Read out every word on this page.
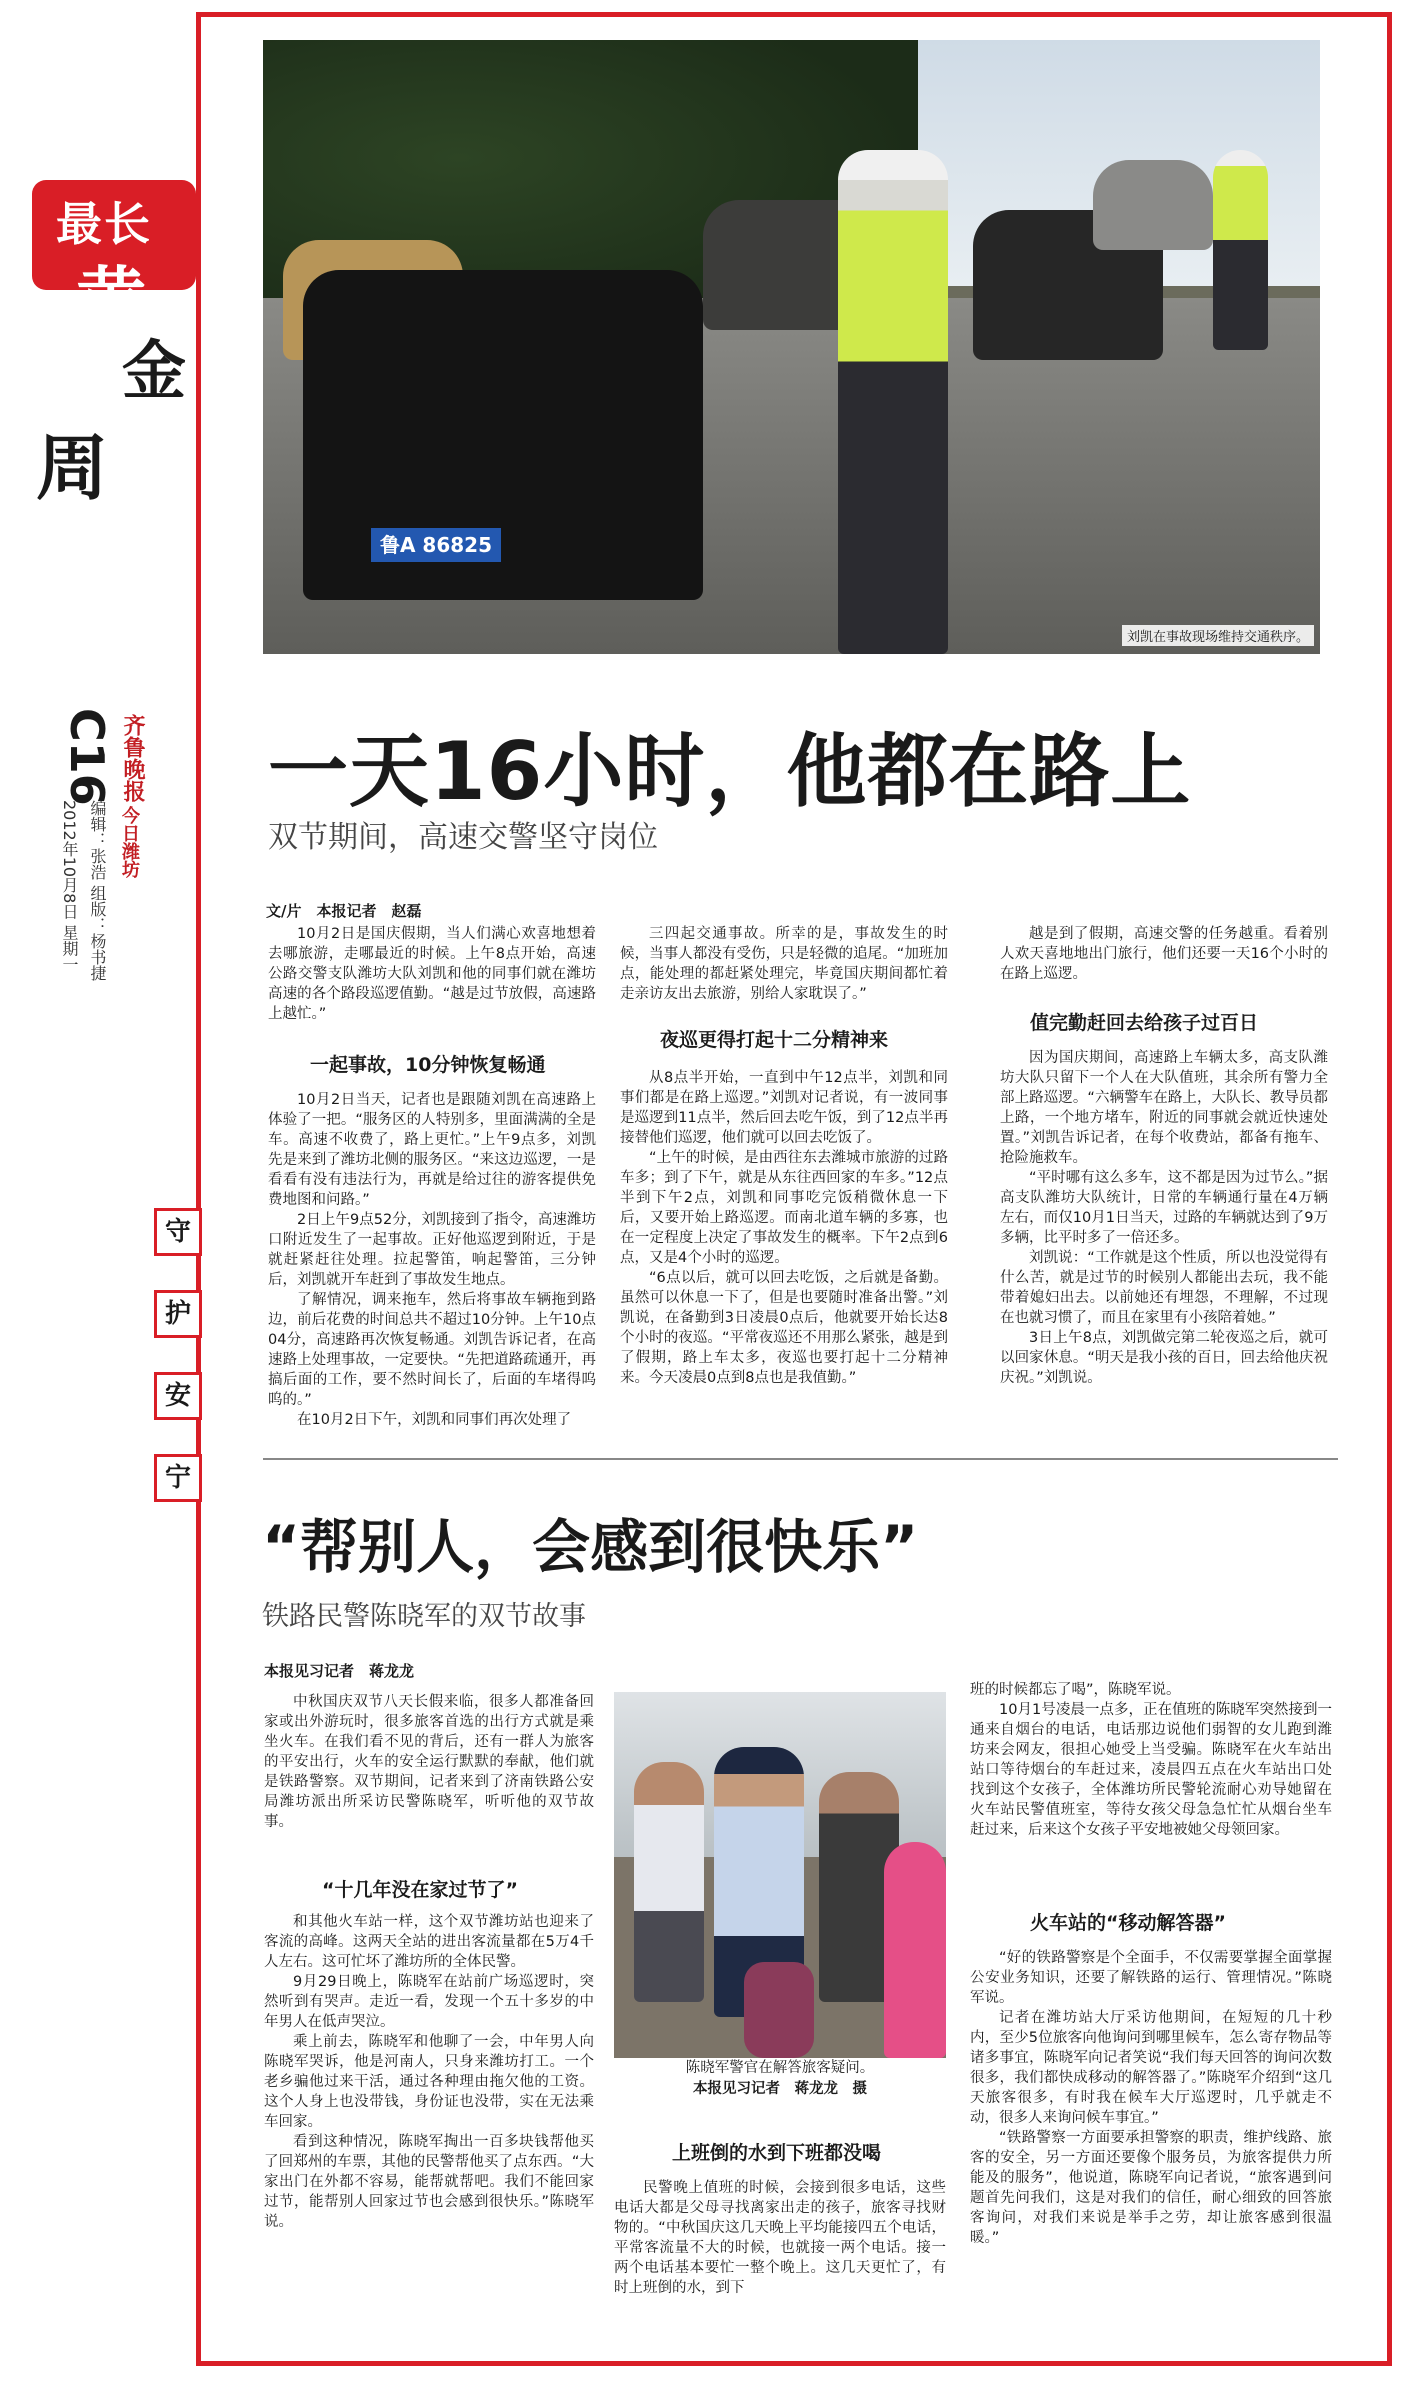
最长
黄
金
周
C16 齐鲁晚报
今日潍坊
编辑：张浩 组版：杨书捷
2012年10月8日 星期一
鲁A 86825
刘凯在事故现场维持交通秩序。
一天16小时，他都在路上
双节期间，高速交警坚守岗位
文/片　本报记者　赵磊

10月2日是国庆假期，当人们满心欢喜地想着去哪旅游，走哪最近的时候。上午8点开始，高速公路交警支队潍坊大队刘凯和他的同事们就在潍坊高速的各个路段巡逻值勤。“越是过节放假，高速路上越忙。”

一起事故，10分钟恢复畅通

10月2日当天，记者也是跟随刘凯在高速路上体验了一把。“服务区的人特别多，里面满满的全是车。高速不收费了，路上更忙。”上午9点多，刘凯先是来到了潍坊北侧的服务区。“来这边巡逻，一是看看有没有违法行为，再就是给过往的游客提供免费地图和问路。”

2日上午9点52分，刘凯接到了指令，高速潍坊口附近发生了一起事故。正好他巡逻到附近，于是就赶紧赶往处理。拉起警笛，响起警笛，三分钟后，刘凯就开车赶到了事故发生地点。

了解情况，调来拖车，然后将事故车辆拖到路边，前后花费的时间总共不超过10分钟。上午10点04分，高速路再次恢复畅通。刘凯告诉记者，在高速路上处理事故，一定要快。“先把道路疏通开，再搞后面的工作，要不然时间长了，后面的车堵得呜呜的。”

在10月2日下午，刘凯和同事们再次处理了

三四起交通事故。所幸的是，事故发生的时候，当事人都没有受伤，只是轻微的追尾。“加班加点，能处理的都赶紧处理完，毕竟国庆期间都忙着走亲访友出去旅游，别给人家耽误了。”

夜巡更得打起十二分精神来

从8点半开始，一直到中午12点半，刘凯和同事们都是在路上巡逻。”刘凯对记者说，有一波同事是巡逻到11点半，然后回去吃午饭，到了12点半再接替他们巡逻，他们就可以回去吃饭了。

“上午的时候，是由西往东去潍城市旅游的过路车多；到了下午，就是从东往西回家的车多。”12点半到下午2点，刘凯和同事吃完饭稍微休息一下后，又要开始上路巡逻。而南北道车辆的多寡，也在一定程度上决定了事故发生的概率。下午2点到6点，又是4个小时的巡逻。

“6点以后，就可以回去吃饭，之后就是备勤。虽然可以休息一下了，但是也要随时准备出警。”刘凯说，在备勤到3日凌晨0点后，他就要开始长达8个小时的夜巡。“平常夜巡还不用那么紧张，越是到了假期，路上车太多，夜巡也要打起十二分精神来。今天凌晨0点到8点也是我值勤。”

越是到了假期，高速交警的任务越重。看着别人欢天喜地地出门旅行，他们还要一天16个小时的在路上巡逻。

值完勤赶回去给孩子过百日

因为国庆期间，高速路上车辆太多，高支队潍坊大队只留下一个人在大队值班，其余所有警力全部上路巡逻。“六辆警车在路上，大队长、教导员都上路，一个地方堵车，附近的同事就会就近快速处置。”刘凯告诉记者，在每个收费站，都备有拖车、抢险施救车。

“平时哪有这么多车，这不都是因为过节么。”据高支队潍坊大队统计，日常的车辆通行量在4万辆左右，而仅10月1日当天，过路的车辆就达到了9万多辆，比平时多了一倍还多。

刘凯说：“工作就是这个性质，所以也没觉得有什么苦，就是过节的时候别人都能出去玩，我不能带着媳妇出去。以前她还有埋怨，不理解，不过现在也就习惯了，而且在家里有小孩陪着她。”

3日上午8点，刘凯做完第二轮夜巡之后，就可以回家休息。“明天是我小孩的百日，回去给他庆祝庆祝。”刘凯说。

守
护
安
宁
“帮别人，会感到很快乐”
铁路民警陈晓军的双节故事
本报见习记者　蒋龙龙

中秋国庆双节八天长假来临，很多人都准备回家或出外游玩时，很多旅客首选的出行方式就是乘坐火车。在我们看不见的背后，还有一群人为旅客的平安出行，火车的安全运行默默的奉献，他们就是铁路警察。双节期间，记者来到了济南铁路公安局潍坊派出所采访民警陈晓军，听听他的双节故事。

“十几年没在家过节了”

和其他火车站一样，这个双节潍坊站也迎来了客流的高峰。这两天全站的进出客流量都在5万4千人左右。这可忙坏了潍坊所的全体民警。

9月29日晚上，陈晓军在站前广场巡逻时，突然听到有哭声。走近一看，发现一个五十多岁的中年男人在低声哭泣。

乘上前去，陈晓军和他聊了一会，中年男人向陈晓军哭诉，他是河南人，只身来潍坊打工。一个老乡骗他过来干活，通过各种理由拖欠他的工资。这个人身上也没带钱，身份证也没带，实在无法乘车回家。

看到这种情况，陈晓军掏出一百多块钱帮他买了回郑州的车票，其他的民警帮他买了点东西。“大家出门在外都不容易，能帮就帮吧。我们不能回家过节，能帮别人回家过节也会感到很快乐。”陈晓军说。

陈晓军警官在解答旅客疑问。
本报见习记者　蒋龙龙　摄
上班倒的水到下班都没喝

民警晚上值班的时候，会接到很多电话，这些电话大都是父母寻找离家出走的孩子，旅客寻找财物的。“中秋国庆这几天晚上平均能接四五个电话，平常客流量不大的时候，也就接一两个电话。接一两个电话基本要忙一整个晚上。这几天更忙了，有时上班倒的水，到下

班的时候都忘了喝”，陈晓军说。

10月1号凌晨一点多，正在值班的陈晓军突然接到一通来自烟台的电话，电话那边说他们弱智的女儿跑到潍坊来会网友，很担心她受上当受骗。陈晓军在火车站出站口等待烟台的车赶过来，凌晨四五点在火车站出口处找到这个女孩子，全体潍坊所民警轮流耐心劝导她留在火车站民警值班室，等待女孩父母急急忙忙从烟台坐车赶过来，后来这个女孩子平安地被她父母领回家。

火车站的“移动解答器”

“好的铁路警察是个全面手，不仅需要掌握全面掌握公安业务知识，还要了解铁路的运行、管理情况。”陈晓军说。

记者在潍坊站大厅采访他期间，在短短的几十秒内，至少5位旅客向他询问到哪里候车，怎么寄存物品等诸多事宜，陈晓军向记者笑说“我们每天回答的询问次数很多，我们都快成移动的解答器了。”陈晓军介绍到“这几天旅客很多，有时我在候车大厅巡逻时，几乎就走不动，很多人来询问候车事宜。”

“铁路警察一方面要承担警察的职责，维护线路、旅客的安全，另一方面还要像个服务员，为旅客提供力所能及的服务”，他说道，陈晓军向记者说，“旅客遇到问题首先问我们，这是对我们的信任，耐心细致的回答旅客询问，对我们来说是举手之劳，却让旅客感到很温暖。”
